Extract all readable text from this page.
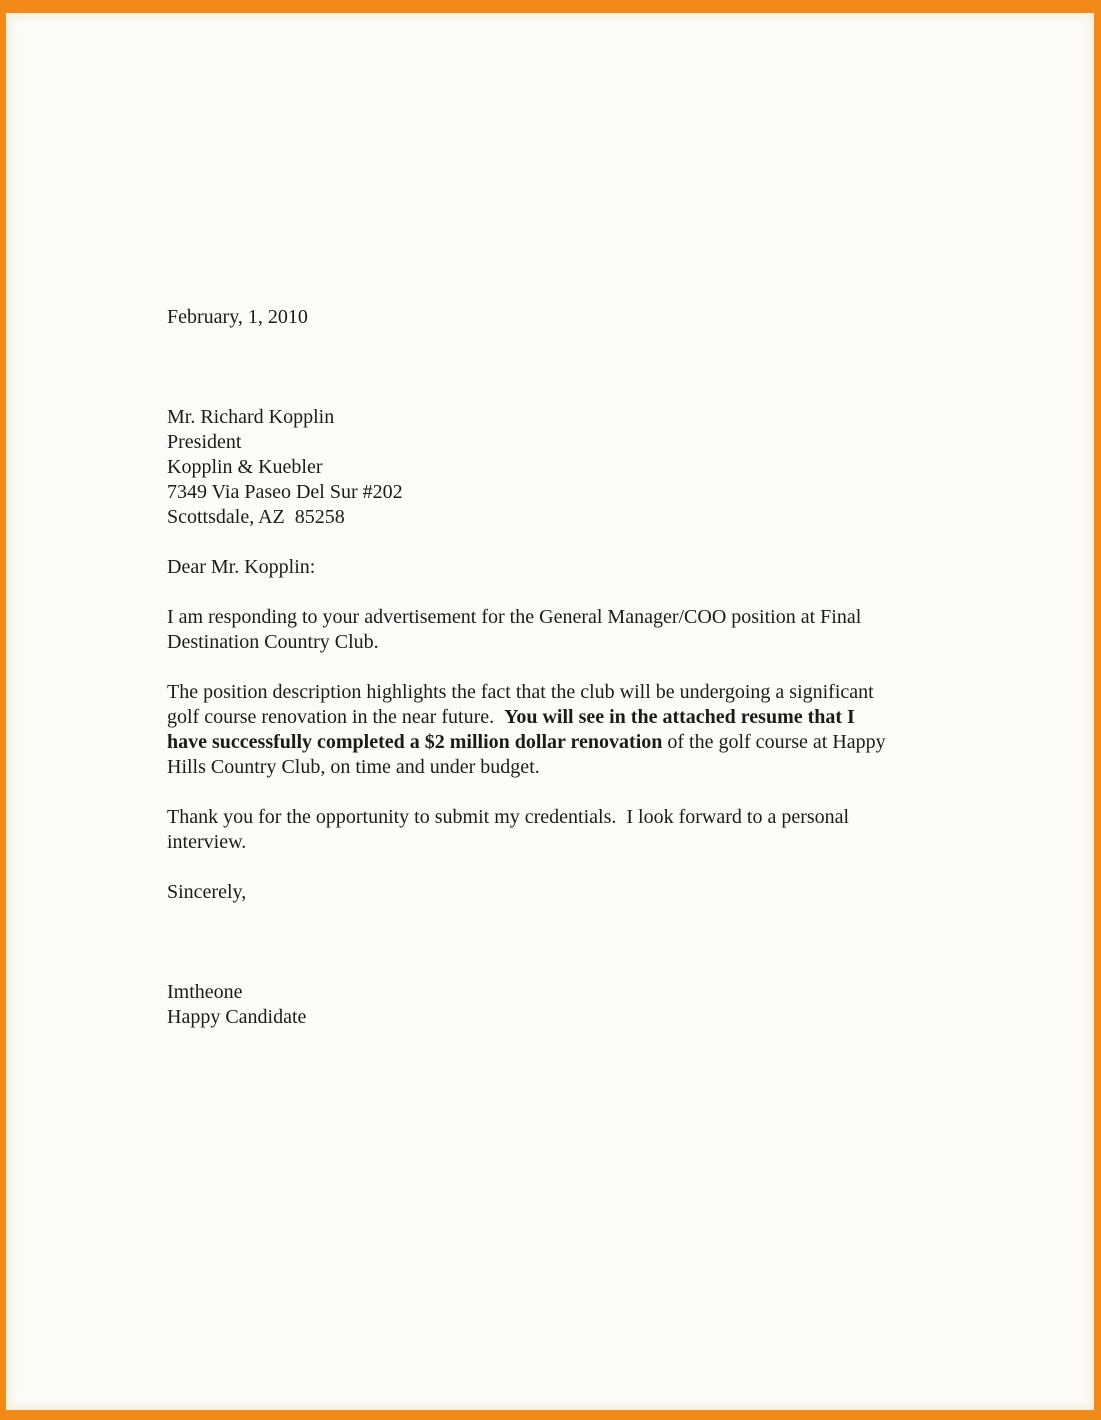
February, 1, 2010
Mr. Richard Kopplin
President
Kopplin & Kuebler
7349 Via Paseo Del Sur #202
Scottsdale, AZ  85258
Dear Mr. Kopplin:
I am responding to your advertisement for the General Manager/COO position at Final
Destination Country Club.
The position description highlights the fact that the club will be undergoing a significant
golf course renovation in the near future.  You will see in the attached resume that I
have successfully completed a $2 million dollar renovation of the golf course at Happy
Hills Country Club, on time and under budget.
Thank you for the opportunity to submit my credentials.  I look forward to a personal
interview.
Sincerely,
Imtheone
Happy Candidate
